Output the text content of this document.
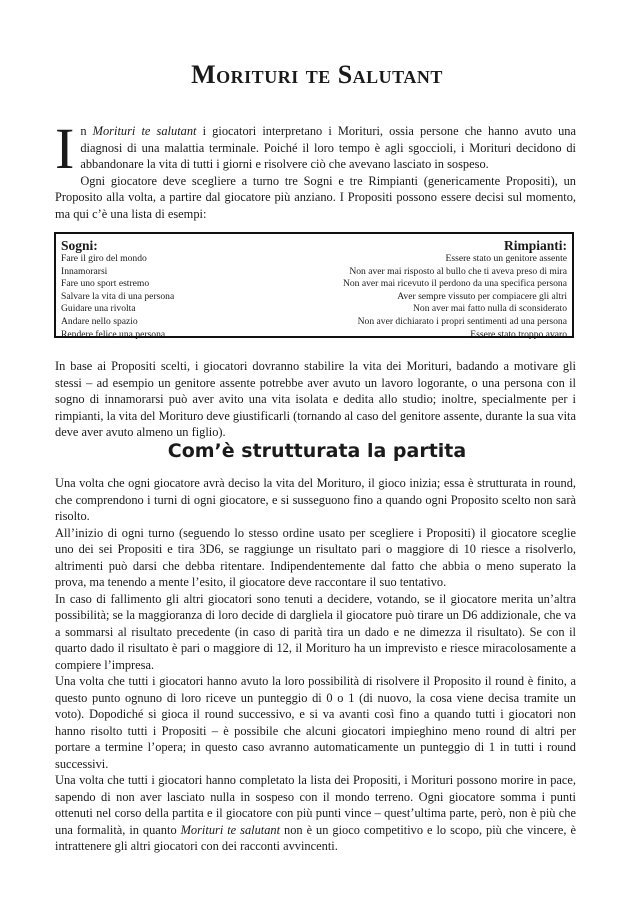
Morituri te Salutant

In Morituri te salutant i giocatori interpretano i Morituri, ossia persone che hanno avuto una diagnosi di una malattia terminale. Poiché il loro tempo è agli sgoccioli, i Morituri decidono di abbandonare la vita di tutti i giorni e risolvere ciò che avevano lasciato in sospeso.
Ogni giocatore deve scegliere a turno tre Sogni e tre Rimpianti (genericamente Propositi), un Proposito alla volta, a partire dal giocatore più anziano. I Propositi possono essere decisi sul momento, ma qui c’è una lista di esempi:

Sogni:
Fare il giro del mondo
Innamorarsi
Fare uno sport estremo
Salvare la vita di una persona
Guidare una rivolta
Andare nello spazio
Rendere felice una persona
Rimpianti:
Essere stato un genitore assente
Non aver mai risposto al bullo che ti aveva preso di mira
Non aver mai ricevuto il perdono da una specifica persona
Aver sempre vissuto per compiacere gli altri
Non aver mai fatto nulla di sconsiderato
Non aver dichiarato i propri sentimenti ad una persona
Essere stato troppo avaro

In base ai Propositi scelti, i giocatori dovranno stabilire la vita dei Morituri, badando a motivare gli stessi – ad esempio un genitore assente potrebbe aver avuto un lavoro logorante, o una persona con il sogno di innamorarsi può aver avito una vita isolata e dedita allo studio; inoltre, specialmente per i rimpianti, la vita del Morituro deve giustificarli (tornando al caso del genitore assente, durante la sua vita deve aver avuto almeno un figlio).

Com’è strutturata la partita
Una volta che ogni giocatore avrà deciso la vita del Morituro, il gioco inizia; essa è strutturata in round, che comprendono i turni di ogni giocatore, e si susseguono fino a quando ogni Proposito scelto non sarà risolto.
All’inizio di ogni turno (seguendo lo stesso ordine usato per scegliere i Propositi) il giocatore sceglie uno dei sei Propositi e tira 3D6, se raggiunge un risultato pari o maggiore di 10 riesce a risolverlo, altrimenti può darsi che debba ritentare. Indipendentemente dal fatto che abbia o meno superato la prova, ma tenendo a mente l’esito, il giocatore deve raccontare il suo tentativo.
In caso di fallimento gli altri giocatori sono tenuti a decidere, votando, se il giocatore merita un’altra possibilità; se la maggioranza di loro decide di dargliela il giocatore può tirare un D6 addizionale, che va a sommarsi al risultato precedente (in caso di parità tira un dado e ne dimezza il risultato). Se con il quarto dado il risultato è pari o maggiore di 12, il Morituro ha un imprevisto e riesce miracolosamente a compiere l’impresa.
Una volta che tutti i giocatori hanno avuto la loro possibilità di risolvere il Proposito il round è finito, a questo punto ognuno di loro riceve un punteggio di 0 o 1 (di nuovo, la cosa viene decisa tramite un voto). Dopodiché si gioca il round successivo, e si va avanti così fino a quando tutti i giocatori non hanno risolto tutti i Propositi – è possibile che alcuni giocatori impieghino meno round di altri per portare a termine l’opera; in questo caso avranno automaticamente un punteggio di 1 in tutti i round successivi.
Una volta che tutti i giocatori hanno completato la lista dei Propositi, i Morituri possono morire in pace, sapendo di non aver lasciato nulla in sospeso con il mondo terreno. Ogni giocatore somma i punti ottenuti nel corso della partita e il giocatore con più punti vince – quest’ultima parte, però, non è più che una formalità, in quanto Morituri te salutant non è un gioco competitivo e lo scopo, più che vincere, è intrattenere gli altri giocatori con dei racconti avvincenti.
